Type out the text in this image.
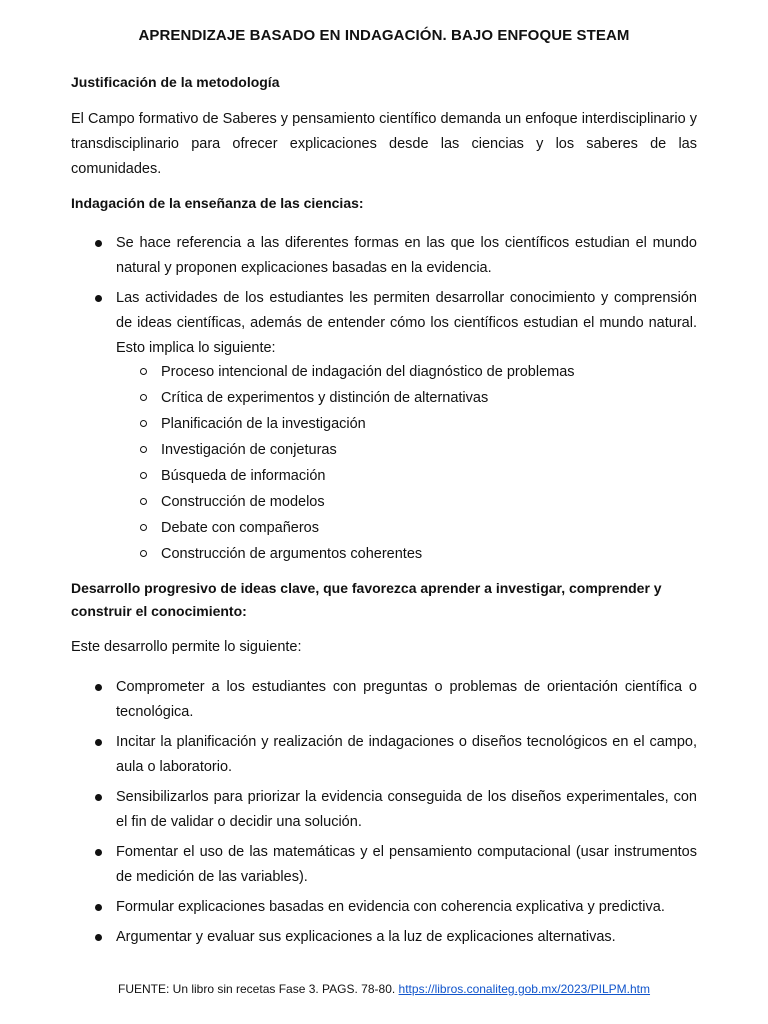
APRENDIZAJE BASADO EN INDAGACIÓN. BAJO ENFOQUE STEAM
Justificación de la metodología
El Campo formativo de Saberes y pensamiento científico demanda un enfoque interdisciplinario y transdisciplinario para ofrecer explicaciones desde las ciencias y los saberes de las comunidades.
Indagación de la enseñanza de las ciencias:
Se hace referencia a las diferentes formas en las que los científicos estudian el mundo natural y proponen explicaciones basadas en la evidencia.
Las actividades de los estudiantes les permiten desarrollar conocimiento y comprensión de ideas científicas, además de entender cómo los científicos estudian el mundo natural. Esto implica lo siguiente:
Proceso intencional de indagación del diagnóstico de problemas
Crítica de experimentos y distinción de alternativas
Planificación de la investigación
Investigación de conjeturas
Búsqueda de información
Construcción de modelos
Debate con compañeros
Construcción de argumentos coherentes
Desarrollo progresivo de ideas clave, que favorezca aprender a investigar, comprender y construir el conocimiento:
Este desarrollo permite lo siguiente:
Comprometer a los estudiantes con preguntas o problemas de orientación científica o tecnológica.
Incitar la planificación y realización de indagaciones o diseños tecnológicos en el campo, aula o laboratorio.
Sensibilizarlos para priorizar la evidencia conseguida de los diseños experimentales, con el fin de validar o decidir una solución.
Fomentar el uso de las matemáticas y el pensamiento computacional (usar instrumentos de medición de las variables).
Formular explicaciones basadas en evidencia con coherencia explicativa y predictiva.
Argumentar y evaluar sus explicaciones a la luz de explicaciones alternativas.
FUENTE: Un libro sin recetas Fase 3. PAGS. 78-80. https://libros.conaliteg.gob.mx/2023/PILPM.htm
